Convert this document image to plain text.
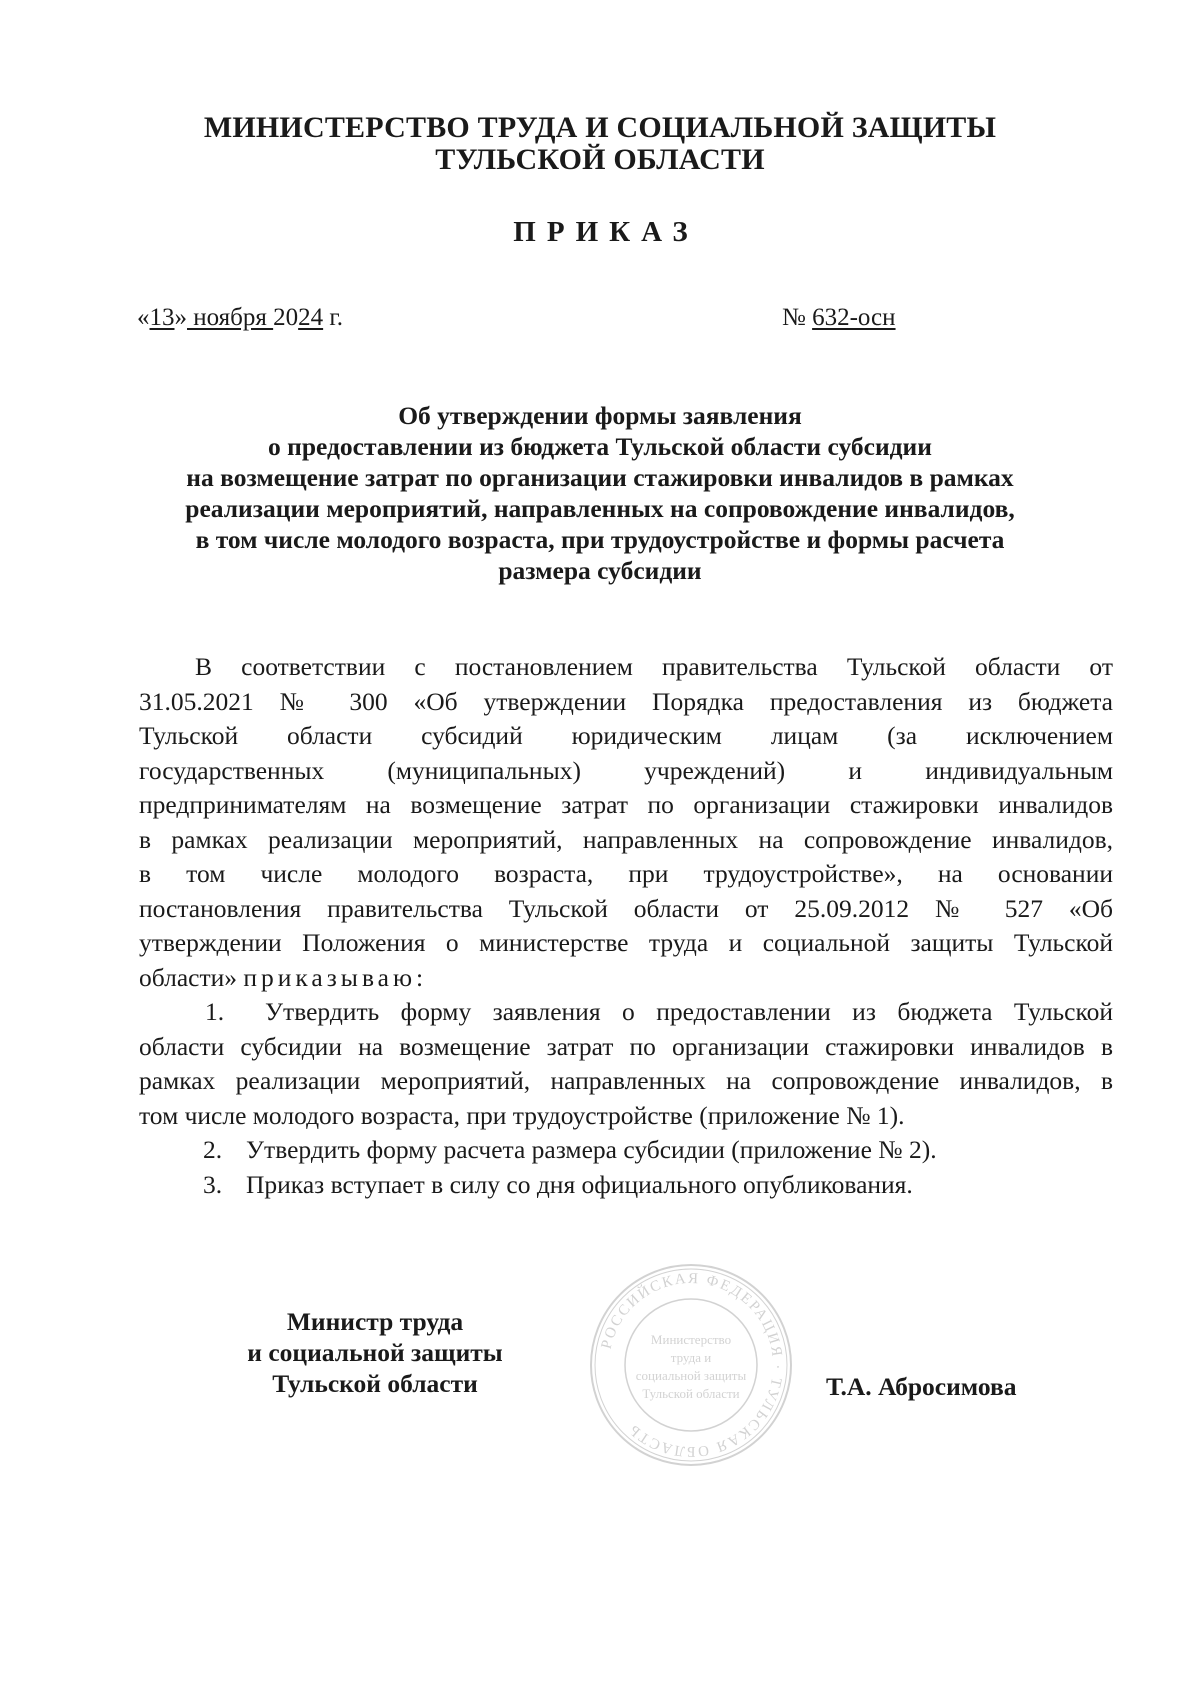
МИНИСТЕРСТВО ТРУДА И СОЦИАЛЬНОЙ ЗАЩИТЫ
ТУЛЬСКОЙ ОБЛАСТИ
ПРИКАЗ
«13» ноября 2024 г.	№ 632-осн
Об утверждении формы заявления
о предоставлении из бюджета Тульской области субсидии
на возмещение затрат по организации стажировки инвалидов в рамках
реализации мероприятий, направленных на сопровождение инвалидов,
в том числе молодого возраста, при трудоустройстве и формы расчета
размера субсидии
В соответствии с постановлением правительства Тульской области от
31.05.2021 № 300 «Об утверждении Порядка предоставления из бюджета
Тульской области субсидий юридическим лицам (за исключением
государственных (муниципальных) учреждений) и индивидуальным
предпринимателям на возмещение затрат по организации стажировки инвалидов
в рамках реализации мероприятий, направленных на сопровождение инвалидов,
в том числе молодого возраста, при трудоустройстве», на основании
постановления правительства Тульской области от 25.09.2012 № 527 «Об
утверждении Положения о министерстве труда и социальной защиты Тульской
области» приказываю:
1. Утвердить форму заявления о предоставлении из бюджета Тульской
области субсидии на возмещение затрат по организации стажировки инвалидов в
рамках реализации мероприятий, направленных на сопровождение инвалидов, в
том числе молодого возраста, при трудоустройстве (приложение № 1).
2. Утвердить форму расчета размера субсидии (приложение № 2).
3. Приказ вступает в силу со дня официального опубликования.
Министр труда
и социальной защиты
Тульской области
РОССИЙСКАЯ ФЕДЕРАЦИЯ · ТУЛЬСКАЯ ОБЛАСТЬ
Министерство
труда и
социальной защиты
Тульской области	Т.А. Абросимова
